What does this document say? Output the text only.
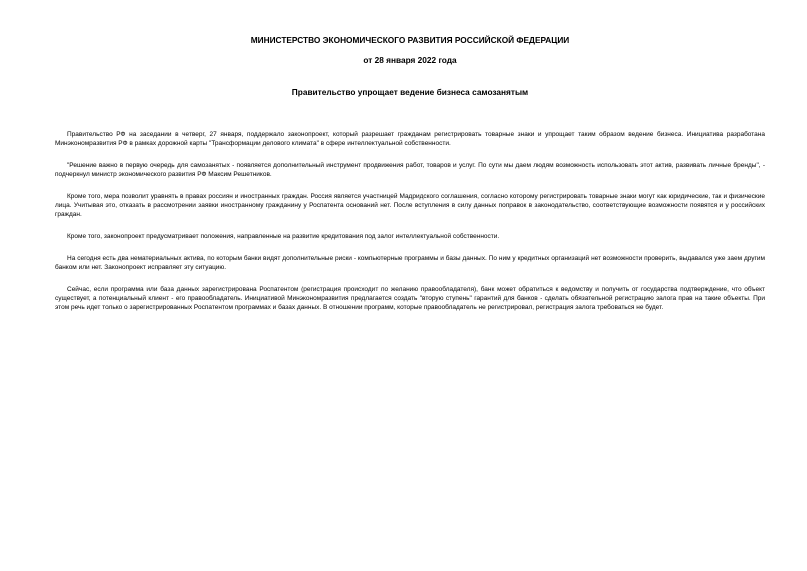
МИНИСТЕРСТВО ЭКОНОМИЧЕСКОГО РАЗВИТИЯ РОССИЙСКОЙ ФЕДЕРАЦИИ
от 28 января 2022 года
Правительство упрощает ведение бизнеса самозанятым

Правительство РФ на заседании в четверг, 27 января, поддержало законопроект, который разрешает гражданам регистрировать товарные знаки и упрощает таким образом ведение бизнеса. Инициатива разработана Минэкономразвития РФ в рамках дорожной карты "Трансформации делового климата" в сфере интеллектуальной собственности.

"Решение важно в первую очередь для самозанятых - появляется дополнительный инструмент продвижения работ, товаров и услуг. По сути мы даем людям возможность использовать этот актив, развивать личные бренды", - подчеркнул министр экономического развития РФ Максим Решетников.

Кроме того, мера позволит уравнять в правах россиян и иностранных граждан. Россия является участницей Мадридского соглашения, согласно которому регистрировать товарные знаки могут как юридические, так и физические лица. Учитывая это, отказать в рассмотрении заявки иностранному гражданину у Роспатента оснований нет. После вступления в силу данных поправок в законодательство, соответствующие возможности появятся и у российских граждан.

Кроме того, законопроект предусматривает положения, направленные на развитие кредитования под залог интеллектуальной собственности.

На сегодня есть два нематериальных актива, по которым банки видят дополнительные риски - компьютерные программы и базы данных. По ним у кредитных организаций нет возможности проверить, выдавался уже заем другим банком или нет. Законопроект исправляет эту ситуацию.

Сейчас, если программа или база данных зарегистрирована Роспатентом (регистрация происходит по желанию правообладателя), банк может обратиться к ведомству и получить от государства подтверждение, что объект существует, а потенциальный клиент - его правообладатель. Инициативой Минэкономразвития предлагается создать "вторую ступень" гарантий для банков - сделать обязательной регистрацию залога прав на такие объекты. При этом речь идет только о зарегистрированных Роспатентом программах и базах данных. В отношении программ, которые правообладатель не регистрировал, регистрация залога требоваться не будет.
